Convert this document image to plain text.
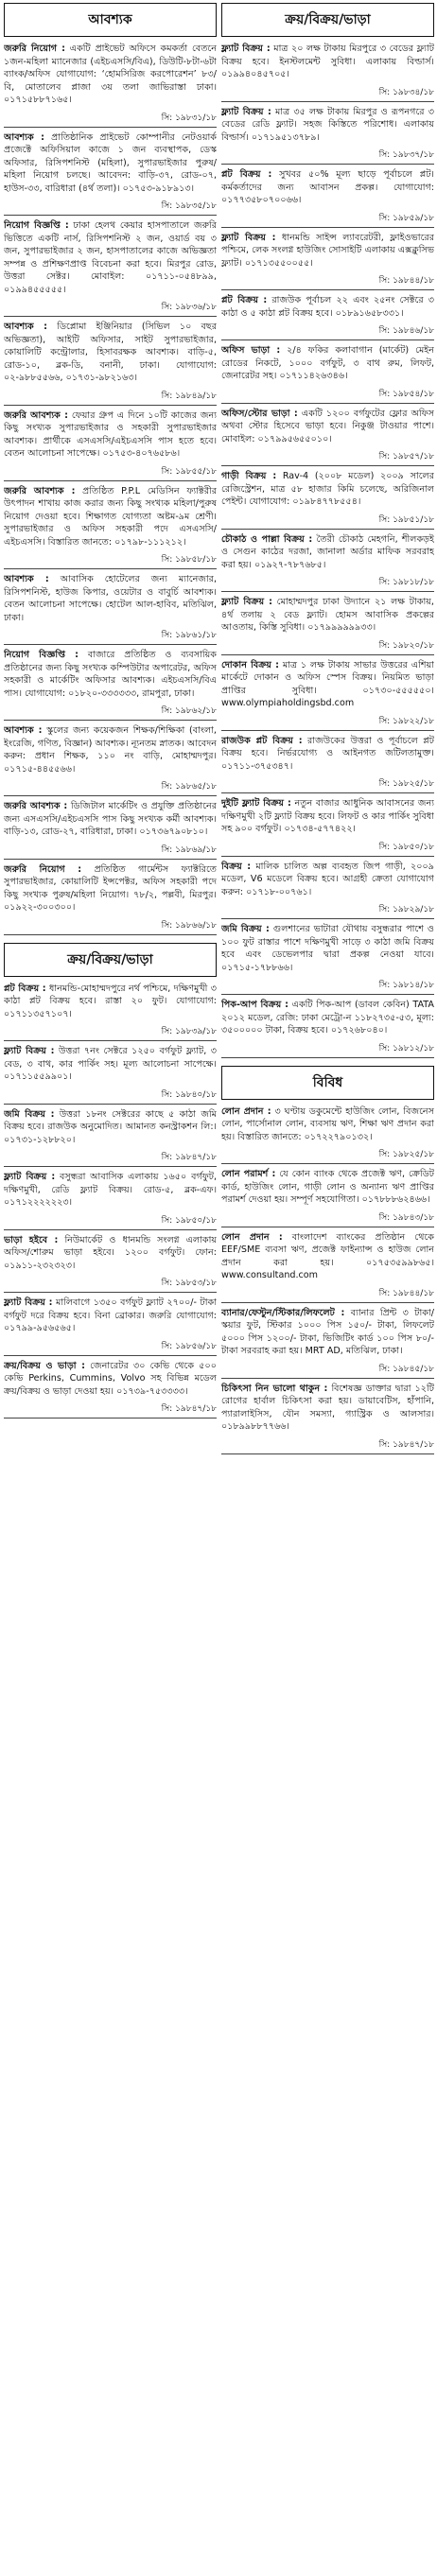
আবশ্যক
জরুরি নিয়োগ : একটি প্রাইভেট অফিসে কমকর্তা বেতনে ১জন-মহিলা ম্যানেজার (এইচএসসি/বিএ), ডিউটি-৮টা-৬টা ব্যাংক/অফিস যোগাযোগ: ‘হোমসিরিজ করপোরেশন’ ৮৩/বি, মোতালেব প্লাজা ৩য় তলা জাভিরাস্তা ঢাকা। ০১৭১৫৮৮৭১৬৫।
সি: ১৯৮৩১/১৮
আবশ্যক : প্রাতিষ্ঠানিক প্রাইভেট কোম্পানীর নেটওয়ার্ক প্রজেক্টে অফিসিয়াল কাজে ১ জন ব্যবস্থাপক, ডেস্ক অফিসার, রিসিপশনিস্ট (মহিলা), সুপারভাইজার পুরুষ/মহিলা নিয়োগ চলছে। আবেদন: বাড়ি-৩৭, রোড-০৭, হাউস-৩৩, বারিধারা (৪র্থ তলা)। ০১৭৫৩-৯১৮৯১৩।
সি: ১৯৮৩৫/১৮
নিয়োগ বিজ্ঞপ্তি : ঢাকা হেলথ কেয়ার হাসপাতালে জরুরি ভিত্তিতে একটি নার্স, রিসিপশনিস্ট ২ জন, ওয়ার্ড বয় ৩ জন, সুপারভাইজার ২ জন, হাসপাতালের কাজে অভিজ্ঞতা সম্পন্ন ও প্রশিক্ষণপ্রাপ্ত বিবেচনা করা হবে। মিরপুর রোড, উত্তরা সেক্টর। মোবাইল: ০১৭১১-০৫৪৮৯৯, ০১৯৯৪৫৫৫৫৫।
সি: ১৯৮৩৬/১৮
আবশ্যক : ডিপ্লোমা ইঞ্জিনিয়ার (সিভিল ১০ বছর অভিজ্ঞতা), আইটি অফিসার, সাইট সুপারভাইজার, কোয়ালিটি কন্ট্রোলার, হিসাবরক্ষক আবশ্যক। বাড়ি-৫, রোড-১০, ব্লক-ডি, বনানী, ঢাকা। যোগাযোগ: ০২-৯৮৮৫৫৬৬, ০১৭৩১-৯৮২১৬৩।
সি: ১৯৮৪৯/১৮
জরুরি আবশ্যক : ফেয়ার গ্রুপ এ দিনে ১০টি কাজের জন্য কিছু সংখ্যক সুপারভাইজার ও সহকারী সুপারভাইজার আবশ্যক। প্রার্থীকে এসএসসি/এইচএসসি পাস হতে হবে। বেতন আলোচনা সাপেক্ষে। ০১৭৫৩-৪০৭৬৫৮৬।
সি: ১৯৮৫৫/১৮
জরুরি আবশ্যক : প্রতিষ্ঠিত P.P.L মেডিসিন ফ্যাক্টরীর উৎপাদন শাখায় কাজ করার জন্য কিছু সংখ্যক মহিলা/পুরুষ নিয়োগ দেওয়া হবে। শিক্ষাগত যোগ্যতা অষ্টম-৯ম শ্রেণী। সুপারভাইজার ও অফিস সহকারী পদে এসএসসি/এইচএসসি। বিস্তারিত জানতে: ০১৭৯৮-১১১২১২।
সি: ১৯৮৫৮/১৮
আবশ্যক : আবাসিক হোটেলের জন্য ম্যানেজার, রিসিপশনিস্ট, হাউজ কিপার, ওয়েটার ও বাবুর্চি আবশ্যক। বেতন আলোচনা সাপেক্ষে। হোটেল আল-হাবিব, মতিঝিল, ঢাকা।
সি: ১৯৮৬১/১৮
নিয়োগ বিজ্ঞপ্তি : বাজারে প্রতিষ্ঠিত ও ব্যবসায়িক প্রতিষ্ঠানের জন্য কিছু সংখ্যক কম্পিউটার অপারেটর, অফিস সহকারী ও মার্কেটিং অফিসার আবশ্যক। এইচএসসি/বিএ পাস। যোগাযোগ: ০১৮২০-৩৩৩৩৩৩, রামপুরা, ঢাকা।
সি: ১৯৮৬২/১৮
আবশ্যক : স্কুলের জন্য কয়েকজন শিক্ষক/শিক্ষিকা (বাংলা, ইংরেজি, গণিত, বিজ্ঞান) আবশ্যক। ন্যূনতম স্নাতক। আবেদন করুন: প্রধান শিক্ষক, ১১০ নং বাড়ি, মোহাম্মদপুর। ০১৭১৫-৪৪৫৫৬৬।
সি: ১৯৮৬৫/১৮
জরুরি আবশ্যক : ডিজিটাল মার্কেটিং ও প্রযুক্তি প্রতিষ্ঠানের জন্য এসএসসি/এইচএসসি পাস কিছু সংখ্যক কর্মী আবশ্যক। বাড়ি-১৩, রোড-২৭, বারিধারা, ঢাকা। ০১৭৩৬৭৯০৮১০।
সি: ১৯৮৬৯/১৮
জরুরি নিয়োগ : প্রতিষ্ঠিত গার্মেন্টস ফ্যাক্টরিতে সুপারভাইজার, কোয়ালিটি ইন্সপেক্টর, অফিস সহকারী পদে কিছু সংখ্যক পুরুষ/মহিলা নিয়োগ। ৭৮/২, পল্লবী, মিরপুর। ০১৯২২-৩০০৩০০।
সি: ১৯৮৬৬/১৮
ক্রয়/বিক্রয়/ভাড়া
প্লট বিক্রয় : ধানমন্ডি-মোহাম্মদপুরে নর্থ পশ্চিমে, দক্ষিণমুখী ৩ কাঠা প্লট বিক্রয় হবে। রাস্তা ২০ ফুট। যোগাযোগ: ০১৭১১৩৫৭১০৭।
সি: ১৯৮৩৯/১৮
ফ্ল্যাট বিক্রয় : উত্তরা ৭নং সেক্টরে ১২৫০ বর্গফুট ফ্ল্যাট, ৩ বেড, ৩ বাথ, কার পার্কিং সহ। মূল্য আলোচনা সাপেক্ষে। ০১৭১১৫৫৯৯০১।
সি: ১৯৮৪০/১৮
জমি বিক্রয় : উত্তরা ১৮নং সেক্টরের কাছে ৫ কাঠা জমি বিক্রয় হবে। রাজউক অনুমোদিত। আমানত কনস্ট্রাকশন লি:। ০১৭৩১-১২৮৮২০।
সি: ১৯৮৪৭/১৮
ফ্ল্যাট বিক্রয় : বসুন্ধরা আবাসিক এলাকায় ১৬৫০ বর্গফুট, দক্ষিণমুখী, রেডি ফ্ল্যাট বিক্রয়। রোড-৫, ব্লক-এফ। ০১৭১২২২২২২৩।
সি: ১৯৮৫০/১৮
ভাড়া হইবে : নিউমার্কেট ও ধানমন্ডি সংলগ্ন এলাকায় অফিস/শোরুম ভাড়া হইবে। ১২০০ বর্গফুট। ফোন: ০১৯১১-২৩২৩২৩।
সি: ১৯৮৫৩/১৮
ফ্ল্যাট বিক্রয় : মালিবাগে ১৩৫০ বর্গফুট ফ্ল্যাট ২৭০০/- টাকা বর্গফুট দরে বিক্রয় হবে। বিনা ব্রোকার। জরুরি যোগাযোগ: ০১৭৯৯-৯৫৬৫৬৫।
সি: ১৯৮৫৬/১৮
ক্রয়/বিক্রয় ও ভাড়া : জেনারেটর ৩০ কেভি থেকে ৫০০ কেভি Perkins, Cummins, Volvo সহ বিভিন্ন মডেল ক্রয়/বিক্রয় ও ভাড়া দেওয়া হয়। ০১৭৩৯-৭৫৩৩৩৩।
সি: ১৯৮৪৭/১৮
ক্রয়/বিক্রয়/ভাড়া
ফ্ল্যাট বিক্রয় : মাত্র ২০ লক্ষ টাকায় মিরপুরে ৩ বেডের ফ্ল্যাট বিক্রয় হবে। ইনস্টলমেন্ট সুবিধা। এলাকায় বিল্ডার্স। ০১৯৯৪০৪৫৭০৫।
সি: ১৯৮৩৪/১৮
ফ্ল্যাট বিক্রয় : মাত্র ৩৫ লক্ষ টাকায় মিরপুর ও রূপনগরে ৩ বেডের রেডি ফ্ল্যাট। সহজ কিস্তিতে পরিশোধ। এলাকায় বিল্ডার্স। ০১৭১৯৫১৩৭৮৯।
সি: ১৯৮৩৭/১৮
প্লট বিক্রয় : সুখবর ৫০% মূল্য ছাড়ে পূর্বাচলে প্লট। কর্মকর্তাদের জন্য আবাসন প্রকল্প। যোগাযোগ: ০১৭৭৩৫৮০৭০০৬৬।
সি: ১৯৮৫৯/১৮
ফ্ল্যাট বিক্রয় : ধানমন্ডি সাইন্স ল্যাবরেটরী, ফ্লাইওভারের পশ্চিমে, লেক সংলগ্ন হাউজিং সোসাইটি এলাকায় এক্সক্লুসিভ ফ্ল্যাট। ০১৭১৩৫৫০০৫৫।
সি: ১৯৮৪৪/১৮
প্লট বিক্রয় : রাজউক পূর্বাচল ২২ এবং ২৫নং সেক্টরে ৩ কাঠা ও ৫ কাঠা প্লট বিক্রয় হবে। ০১৮৯১৬৫৮৩৩১।
সি: ১৯৮৪৬/১৮
অফিস ভাড়া : ২/৪ ফকির কলাবাগান (মার্কেট) মেইন রোডের নিকটে, ১০০০ বর্গফুট, ৩ বাথ রুম, লিফট, জেনারেটর সহ। ০১৭১১৪২৬৩৪৬।
সি: ১৯৮৫৪/১৮
অফিস/স্টোর ভাড়া : একটি ১২০০ বর্গফুটের ফ্লোর অফিস অথবা স্টোর হিসেবে ভাড়া হবে। নিকুঞ্জ টাওয়ার পাশে। মোবাইল: ০১৭৯৯৫৬৫৫০১০।
সি: ১৯৮৫৭/১৮
গাড়ী বিক্রয় : Rav-4 (২০০৮ মডেল) ২০০৯ সালের রেজিস্ট্রেশন, মাত্র ৫৮ হাজার কিমি চলেছে, অরিজিনাল পেইন্ট। যোগাযোগ: ০১৯৮৪৭৭৮৫৫৪।
সি: ১৯৮৫১/১৮
চৌকাঠ ও পাল্লা বিক্রয় : তৈরী চৌকাঠ মেহগনি, শীলকড়ই ও সেগুন কাঠের দরজা, জানালা অর্ডার মাফিক সরবরাহ করা হয়। ০১৯২৭-৭৮৭৬৮৫।
সি: ১৯৮১৮/১৮
ফ্ল্যাট বিক্রয় : মোহাম্মদপুর ঢাকা উদ্যানে ২১ লক্ষ টাকায়, ৪র্থ তলায় ২ বেড ফ্ল্যাট। হোমস আবাসিক প্রকল্পের আওতায়, কিস্তি সুবিধা। ০১৭৯৯৯৯৯৯৩৩।
সি: ১৯৮২০/১৮
দোকান বিক্রয় : মাত্র ১ লক্ষ টাকায় সাভার উত্তরের এশিয়া মার্কেটে দোকান ও অফিস স্পেস বিক্রয়। নিয়মিত ভাড়া প্রাপ্তির সুবিধা। ০১৭৩০-৫৫৫৫৫০। www.olympiaholdingsbd.com
সি: ১৯৮২২/১৮
রাজউক প্লট বিক্রয় : রাজউকের উত্তরা ও পূর্বাচলে প্লট বিক্রয় হবে। নির্ভরযোগ্য ও আইনগত জটিলতামুক্ত। ০১৭১১-৩৭৫৩৪৭।
সি: ১৯৮২৫/১৮
দুইটি ফ্ল্যাট বিক্রয় : নতুন বাজার আধুনিক আবাসনের জন্য দক্ষিণমুখী ২টি ফ্ল্যাট বিক্রয় হবে। লিফট ও কার পার্কিং সুবিধা সহ ৯০০ বর্গফুট। ০১৭৩৪-৫৭৭৪২২।
সি: ১৯৮৫০/১৮
বিক্রয় : মালিক চালিত অল্প ব্যবহৃত জিপ গাড়ী, ২০০৯ মডেল, V6 মডেলে বিক্রয় হবে। আগ্রহী ক্রেতা যোগাযোগ করুন: ০১৭১৮-০০৭৬১।
সি: ১৯৮২৯/১৮
জমি বিক্রয় : গুলশানের ভাটারা যৌথায় বসুন্ধরার পাশে ও ১০০ ফুট রাস্তার পাশে দক্ষিণমুখী সাড়ে ৩ কাঠা জমি বিক্রয় হবে এবং ডেভেলপার দ্বারা প্রকল্প নেওয়া যাবে। ০১৭১৫-১৭৮৮৬৬।
সি: ১৯৮১৪/১৮
পিক-আপ বিক্রয় : একটি পিক-আপ (ডাবল কেবিন) TATA ২০১২ মডেল, রেজি: ঢাকা মেট্রো-ন ১১৮২৭৩৫-৫৩, মূল্য: ৩৫০০০০০ টাকা, বিক্রয় হবে। ০১৭২৬৮০৪০।
সি: ১৯৮১২/১৮
বিবিধ
লোন প্রদান : ৩ ঘণ্টায় ডকুমেন্টে হাউজিং লোন, বিজনেস লোন, পার্সোনাল লোন, ব্যবসায় ঋণ, শিক্ষা ঋণ প্রদান করা হয়। বিস্তারিত জানতে: ০১৭২২৭৯০১৩২।
সি: ১৯৮২৫/১৮
লোন পরামর্শ : যে কোন ব্যাংক থেকে প্রজেক্ট ঋণ, ক্রেডিট কার্ড, হাউজিং লোন, গাড়ী লোন ও অন্যান্য ঋণ প্রাপ্তির পরামর্শ দেওয়া হয়। সম্পূর্ণ সহযোগিতা। ০১৭৮৮৮৬২৪৬৬।
সি: ১৯৮৪৩/১৮
লোন প্রদান : বাংলাদেশ ব্যাংকের প্রতিষ্ঠান থেকে EEF/SME ব্যবসা ঋণ, প্রজেক্ট ফাইন্যান্স ও হাউজ লোন প্রদান করা হয়। ০১৭৫৩৫৯৯৮৬৫। www.consultand.com
সি: ১৯৮৪৪/১৮
ব্যানার/ফেস্টুন/স্টিকার/লিফলেট : ব্যানার প্রিন্ট ৩ টাকা/স্কয়ার ফুট, স্টিকার ১০০০ পিস ১৫০/- টাকা, লিফলেট ৫০০০ পিস ১২০০/- টাকা, ভিজিটিং কার্ড ১০০ পিস ৮০/- টাকা সরবরাহ করা হয়। MRT AD, মতিঝিল, ঢাকা।
সি: ১৯৮৪৫/১৮
চিকিৎসা নিন ভালো থাকুন : বিশেষজ্ঞ ডাক্তার দ্বারা ১২টি রোগের হার্বাল চিকিৎসা করা হয়। ডায়াবেটিস, হাঁপানি, প্যারালাইসিস, যৌন সমস্যা, গ্যাস্ট্রিক ও আলসার। ০১৮৯৯৮৮৭৭৬৬।
সি: ১৯৮৪৭/১৮
